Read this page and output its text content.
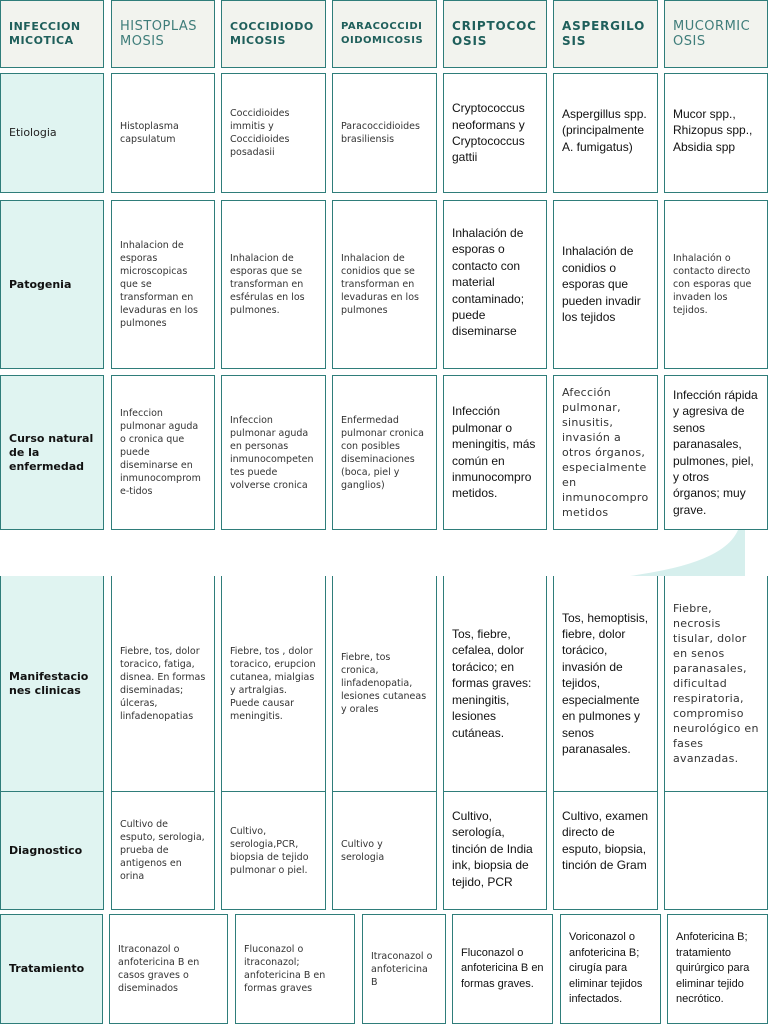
INFECCION MICOTICA
HISTOPLASMOSIS
COCCIDIODOMICOSIS
PARACOCCIDIOIDOMICOSIS
CRIPTOCOCOSIS
ASPERGILOSIS
MUCORMICOSIS
Etiologia	Histoplasma capsulatum
Coccidioides immitis y Coccidioides posadasii
Paracoccidioides brasiliensis
Cryptococcus neoformans y Cryptococcus gattii
Aspergillus spp. (principalmente A. fumigatus)
Mucor spp., Rhizopus spp., Absidia spp
Patogenia
Inhalacion de esporas microscopicas que se transforman en levaduras en los pulmones
Inhalacion de esporas que se transforman en esférulas en los pulmones.
Inhalacion de conidios que se transforman en levaduras en los pulmones
Inhalación de esporas o contacto con material contaminado; puede diseminarse
Inhalación de conidios o esporas que pueden invadir los tejidos
Inhalación o contacto directo con esporas que invaden los tejidos.
Curso natural de la enfermedad
Infeccion pulmonar aguda o cronica que puede diseminarse en inmunocomprome-tidos
Infeccion pulmonar aguda en personas inmunocompetentes puede volverse cronica
Enfermedad pulmonar cronica con posibles diseminaciones (boca, piel y ganglios)
Infección pulmonar o meningitis, más común en inmunocomprometidos.
Afección pulmonar, sinusitis, invasión a otros órganos, especialmente en inmunocomprometidos
Infección rápida y agresiva de senos paranasales, pulmones, piel, y otros órganos; muy grave.
Manifestaciones clinicas
Fiebre, tos, dolor toracico, fatiga, disnea. En formas diseminadas; úlceras, linfadenopatias
Fiebre, tos , dolor toracico, erupcion cutanea, mialgias y artralgias. Puede causar meningitis.
Fiebre, tos cronica, linfadenopatia, lesiones cutaneas y orales
Tos, fiebre, cefalea, dolor torácico; en formas graves: meningitis, lesiones cutáneas.
Tos, hemoptisis, fiebre, dolor torácico, invasión de tejidos, especialmente en pulmones y senos paranasales.
Fiebre, necrosis tisular, dolor en senos paranasales, dificultad respiratoria, compromiso neurológico en fases avanzadas.
Diagnostico
Cultivo de esputo, serologia, prueba de antigenos en orina
Cultivo, serologia,PCR, biopsia de tejido pulmonar o piel.
Cultivo y serologia
Cultivo, serología, tinción de India ink, biopsia de tejido, PCR
Cultivo, examen directo de esputo, biopsia, tinción de Gram
Tratamiento
Itraconazol o anfotericina B en casos graves o diseminados
Fluconazol o itraconazol; anfotericina B en formas graves
Itraconazol o anfotericina B
Fluconazol o anfotericina B en formas graves.
Voriconazol o anfotericina B; cirugía para eliminar tejidos infectados.
Anfotericina B; tratamiento quirúrgico para eliminar tejido necrótico.
